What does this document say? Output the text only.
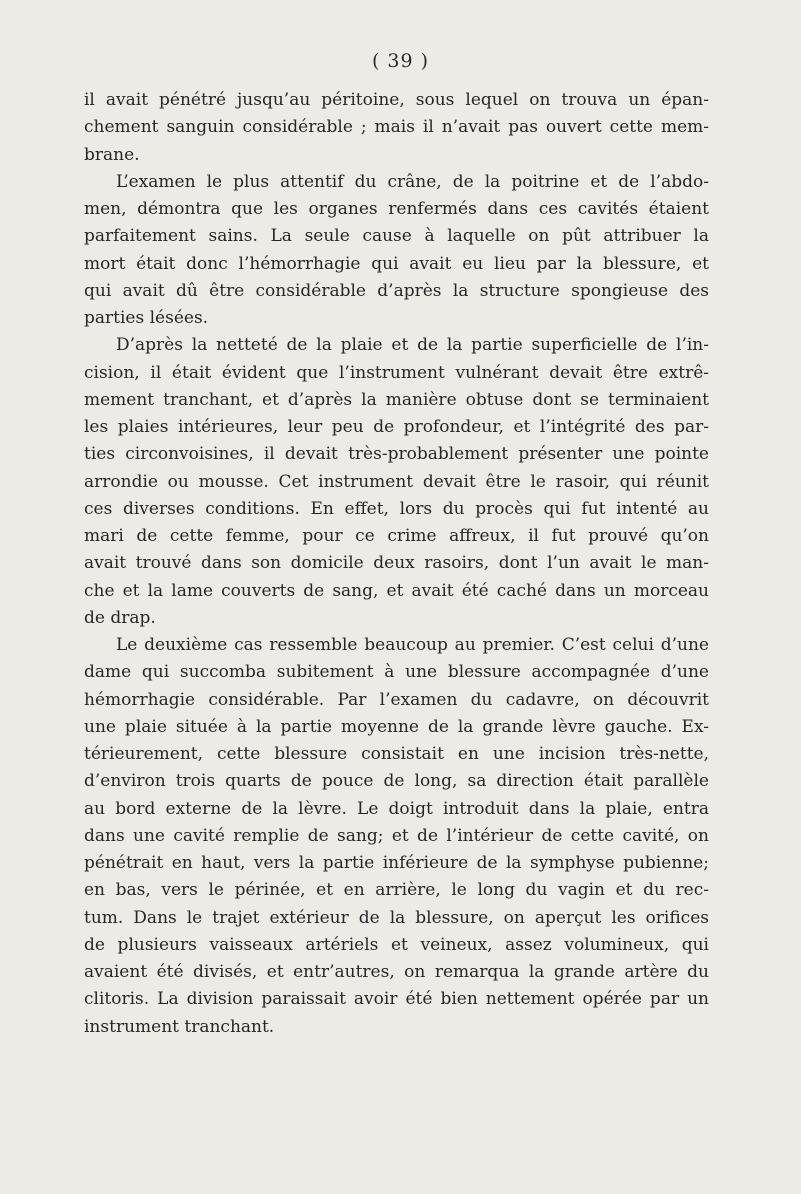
( 39 )
il avait pénétré jusqu’au péritoine, sous lequel on trouva un épan-
chement sanguin considérable ; mais il n’avait pas ouvert cette mem-
brane.
L’examen le plus attentif du crâne, de la poitrine et de l’abdo-
men, démontra que les organes renfermés dans ces cavités étaient
parfaitement sains. La seule cause à laquelle on pût attribuer la
mort était donc l’hémorrhagie qui avait eu lieu par la blessure, et
qui avait dû être considérable d’après la structure spongieuse des
parties lésées.
D’après la netteté de la plaie et de la partie superficielle de l’in-
cision, il était évident que l’instrument vulnérant devait être extrê-
mement tranchant, et d’après la manière obtuse dont se terminaient
les plaies intérieures, leur peu de profondeur, et l’intégrité des par-
ties circonvoisines, il devait très-probablement présenter une pointe
arrondie ou mousse. Cet instrument devait être le rasoir, qui réunit
ces diverses conditions. En effet, lors du procès qui fut intenté au
mari de cette femme, pour ce crime affreux, il fut prouvé qu’on
avait trouvé dans son domicile deux rasoirs, dont l’un avait le man-
che et la lame couverts de sang, et avait été caché dans un morceau
de drap.
Le deuxième cas ressemble beaucoup au premier. C’est celui d’une
dame qui succomba subitement à une blessure accompagnée d’une
hémorrhagie considérable. Par l’examen du cadavre, on découvrit
une plaie située à la partie moyenne de la grande lèvre gauche. Ex-
térieurement, cette blessure consistait en une incision très-nette,
d’environ trois quarts de pouce de long, sa direction était parallèle
au bord externe de la lèvre. Le doigt introduit dans la plaie, entra
dans une cavité remplie de sang; et de l’intérieur de cette cavité, on
pénétrait en haut, vers la partie inférieure de la symphyse pubienne;
en bas, vers le périnée, et en arrière, le long du vagin et du rec-
tum. Dans le trajet extérieur de la blessure, on aperçut les orifices
de plusieurs vaisseaux artériels et veineux, assez volumineux, qui
avaient été divisés, et entr’autres, on remarqua la grande artère du
clitoris. La division paraissait avoir été bien nettement opérée par un
instrument tranchant.
